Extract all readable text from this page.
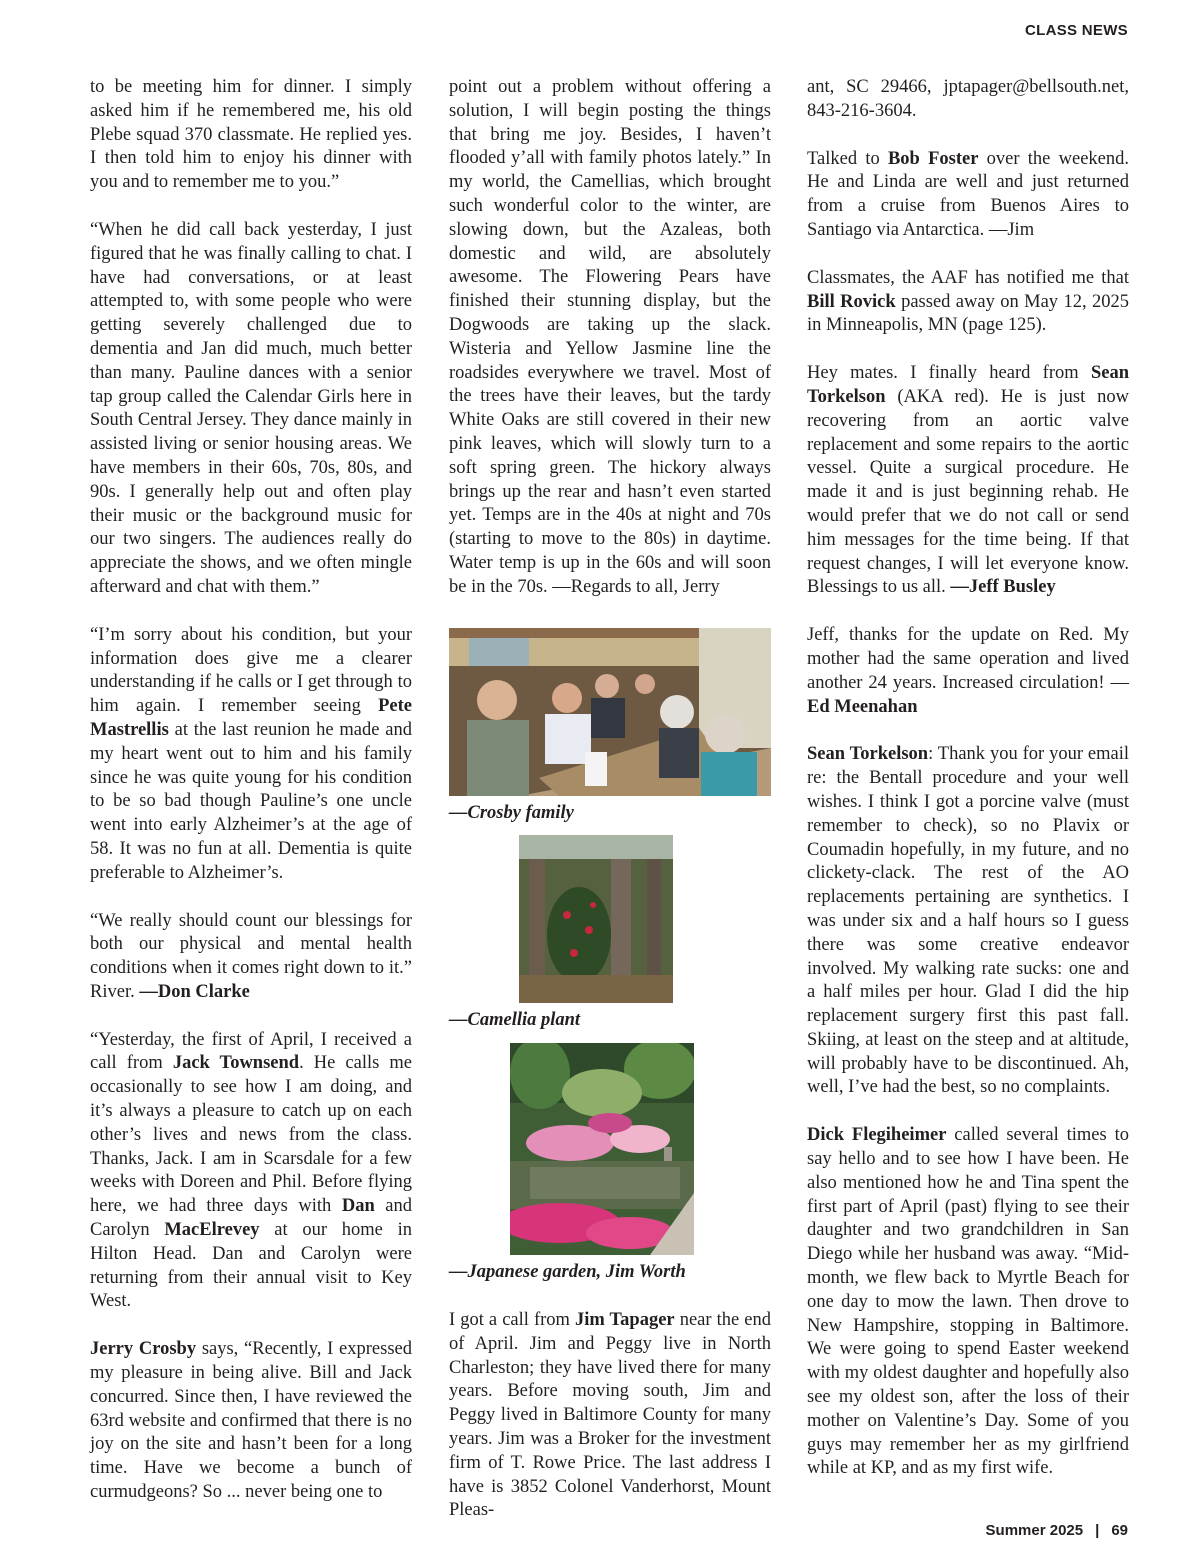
CLASS NEWS

to be meeting him for dinner. I simply asked him if he remembered me, his old Plebe squad 370 classmate. He replied yes. I then told him to enjoy his dinner with you and to remember me to you.”

“When he did call back yesterday, I just figured that he was finally calling to chat. I have had conversations, or at least attempted to, with some people who were getting severely challenged due to dementia and Jan did much, much better than many. Pauline dances with a senior tap group called the Calendar Girls here in South Central Jersey. They dance mainly in assisted living or senior housing areas. We have members in their 60s, 70s, 80s, and 90s. I generally help out and often play their music or the background music for our two singers. The audiences really do appreciate the shows, and we often mingle afterward and chat with them.”

“I’m sorry about his condition, but your information does give me a clearer understanding if he calls or I get through to him again. I remember seeing Pete Mastrellis at the last reunion he made and my heart went out to him and his family since he was quite young for his condition to be so bad though Pauline’s one uncle went into early Alzheimer’s at the age of 58. It was no fun at all. Dementia is quite preferable to Alzheimer’s.

“We really should count our blessings for both our physical and mental health conditions when it comes right down to it.” River. —Don Clarke

“Yesterday, the first of April, I received a call from Jack Townsend. He calls me occasionally to see how I am doing, and it’s always a pleasure to catch up on each other’s lives and news from the class. Thanks, Jack. I am in Scarsdale for a few weeks with Doreen and Phil. Before flying here, we had three days with Dan and Carolyn MacElrevey at our home in Hilton Head. Dan and Carolyn were returning from their annual visit to Key West.

Jerry Crosby says, “Recently, I expressed my pleasure in being alive. Bill and Jack concurred. Since then, I have reviewed the 63rd website and confirmed that there is no joy on the site and hasn’t been for a long time. Have we become a bunch of curmudgeons? So ... never being one to

point out a problem without offering a solution, I will begin posting the things that bring me joy. Besides, I haven’t flooded y’all with family photos lately.” In my world, the Camellias, which brought such wonderful color to the winter, are slowing down, but the Azaleas, both domestic and wild, are absolutely awesome. The Flowering Pears have finished their stunning display, but the Dogwoods are taking up the slack. Wisteria and Yellow Jasmine line the roadsides everywhere we travel. Most of the trees have their leaves, but the tardy White Oaks are still covered in their new pink leaves, which will slowly turn to a soft spring green. The hickory always brings up the rear and hasn’t even started yet. Temps are in the 40s at night and 70s (starting to move to the 80s) in daytime. Water temp is up in the 60s and will soon be in the 70s. —Regards to all, Jerry

—Crosby family
—Camellia plant
—Japanese garden, Jim Worth

I got a call from Jim Tapager near the end of April. Jim and Peggy live in North Charleston; they have lived there for many years. Before moving south, Jim and Peggy lived in Baltimore County for many years. Jim was a Broker for the investment firm of T. Rowe Price. The last address I have is 3852 Colonel Vanderhorst, Mount Pleas-

ant, SC 29466, jptapager@bellsouth.net, 843-216-3604.

Talked to Bob Foster over the weekend. He and Linda are well and just returned from a cruise from Buenos Aires to Santiago via Antarctica. —Jim

Classmates, the AAF has notified me that Bill Rovick passed away on May 12, 2025 in Minneapolis, MN (page 125).

Hey mates. I finally heard from Sean Torkelson (AKA red). He is just now recovering from an aortic valve replacement and some repairs to the aortic vessel. Quite a surgical procedure. He made it and is just beginning rehab. He would prefer that we do not call or send him messages for the time being. If that request changes, I will let everyone know. Blessings to us all. —Jeff Busley

Jeff, thanks for the update on Red. My mother had the same operation and lived another 24 years. Increased circulation! — Ed Meenahan

Sean Torkelson: Thank you for your email re: the Bentall procedure and your well wishes. I think I got a porcine valve (must remember to check), so no Plavix or Coumadin hopefully, in my future, and no clickety-clack. The rest of the AO replacements pertaining are synthetics. I was under six and a half hours so I guess there was some creative endeavor involved. My walking rate sucks: one and a half miles per hour. Glad I did the hip replacement surgery first this past fall. Skiing, at least on the steep and at altitude, will probably have to be discontinued. Ah, well, I’ve had the best, so no complaints.

Dick Flegiheimer called several times to say hello and to see how I have been. He also mentioned how he and Tina spent the first part of April (past) flying to see their daughter and two grandchildren in San Diego while her husband was away. “Mid-month, we flew back to Myrtle Beach for one day to mow the lawn. Then drove to New Hampshire, stopping in Baltimore. We were going to spend Easter weekend with my oldest daughter and hopefully also see my oldest son, after the loss of their mother on Valentine’s Day. Some of you guys may remember her as my girlfriend while at KP, and as my first wife.

Summer 2025 | 69
